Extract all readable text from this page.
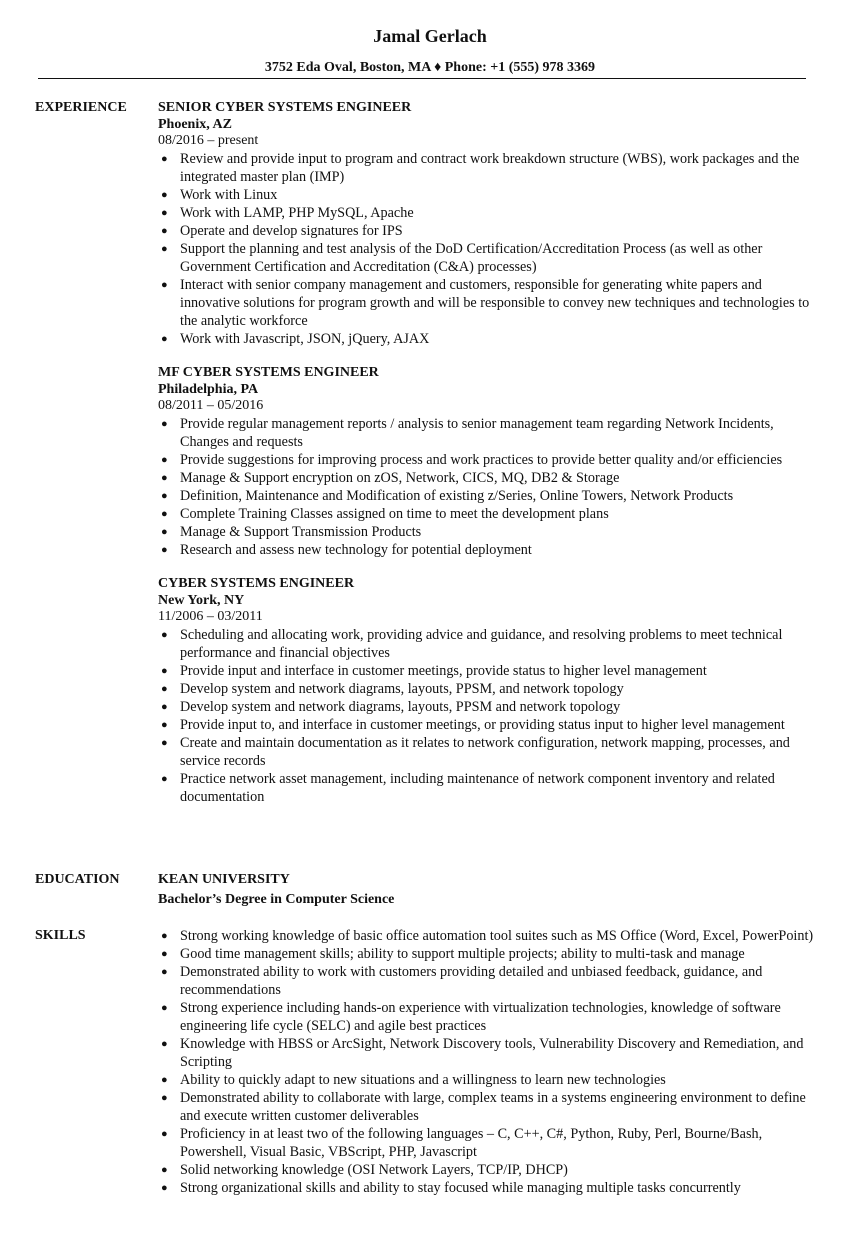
Jamal Gerlach
3752 Eda Oval, Boston, MA ♦ Phone: +1 (555) 978 3369
EXPERIENCE SENIOR CYBER SYSTEMS ENGINEER
Phoenix, AZ
08/2016 – present
● Review and provide input to program and contract work breakdown structure (WBS), work packages and the integrated master plan (IMP)
● Work with Linux
● Work with LAMP, PHP MySQL, Apache
● Operate and develop signatures for IPS
● Support the planning and test analysis of the DoD Certification/Accreditation Process (as well as other Government Certification and Accreditation (C&A) processes)
● Interact with senior company management and customers, responsible for generating white papers and innovative solutions for program growth and will be responsible to convey new techniques and technologies to the analytic workforce
● Work with Javascript, JSON, jQuery, AJAX
MF CYBER SYSTEMS ENGINEER
Philadelphia, PA
08/2011 – 05/2016
● Provide regular management reports / analysis to senior management team regarding Network Incidents, Changes and requests
● Provide suggestions for improving process and work practices to provide better quality and/or efficiencies
● Manage & Support encryption on zOS, Network, CICS, MQ, DB2 & Storage
● Definition, Maintenance and Modification of existing z/Series, Online Towers, Network Products
● Complete Training Classes assigned on time to meet the development plans
● Manage & Support Transmission Products
● Research and assess new technology for potential deployment
CYBER SYSTEMS ENGINEER
New York, NY
11/2006 – 03/2011
● Scheduling and allocating work, providing advice and guidance, and resolving problems to meet technical performance and financial objectives
● Provide input and interface in customer meetings, provide status to higher level management
● Develop system and network diagrams, layouts, PPSM, and network topology
● Develop system and network diagrams, layouts, PPSM and network topology
● Provide input to, and interface in customer meetings, or providing status input to higher level management
● Create and maintain documentation as it relates to network configuration, network mapping, processes, and service records
● Practice network asset management, including maintenance of network component inventory and related documentation
EDUCATION	KEAN UNIVERSITY
Bachelor’s Degree in Computer Science
SKILLS	● Strong working knowledge of basic office automation tool suites such as MS Office (Word, Excel, PowerPoint)
● Good time management skills; ability to support multiple projects; ability to multi-task and manage
● Demonstrated ability to work with customers providing detailed and unbiased feedback, guidance, and recommendations
● Strong experience including hands-on experience with virtualization technologies, knowledge of software engineering life cycle (SELC) and agile best practices
● Knowledge with HBSS or ArcSight, Network Discovery tools, Vulnerability Discovery and Remediation, and Scripting
● Ability to quickly adapt to new situations and a willingness to learn new technologies
● Demonstrated ability to collaborate with large, complex teams in a systems engineering environment to define and execute written customer deliverables
● Proficiency in at least two of the following languages – C, C++, C#, Python, Ruby, Perl, Bourne/Bash, Powershell, Visual Basic, VBScript, PHP, Javascript
● Solid networking knowledge (OSI Network Layers, TCP/IP, DHCP)
● Strong organizational skills and ability to stay focused while managing multiple tasks concurrently
